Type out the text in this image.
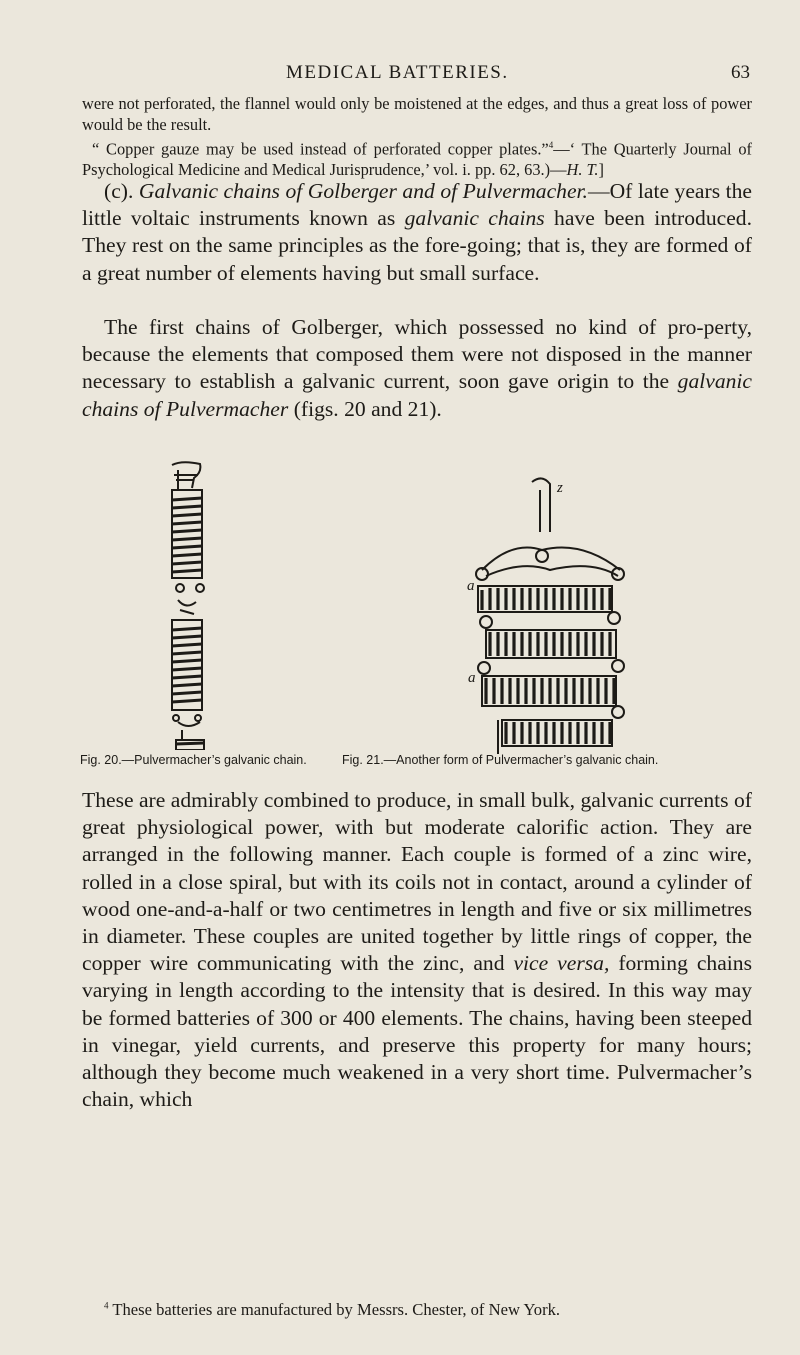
MEDICAL BATTERIES.	63

were not perforated, the flannel would only be moistened at the edges, and thus a great loss of power would be the result.

“ Copper gauze may be used instead of perforated copper plates.”$^4$—‘ The Quarterly Journal of Psychological Medicine and Medical Jurisprudence,’ vol. i. pp. 62, 63.)—H. T.]

(c). Galvanic chains of Golberger and of Pulvermacher.—Of late years the little voltaic instruments known as galvanic chains have been introduced. They rest on the same principles as the fore-going; that is, they are formed of a great number of elements having but small surface.

The first chains of Golberger, which possessed no kind of pro-perty, because the elements that composed them were not disposed in the manner necessary to establish a galvanic current, soon gave origin to the galvanic chains of Pulvermacher (figs. 20 and 21).

z
a
a
Fig. 20.—Pulvermacher’s galvanic chain.	Fig. 21.—Another form of Pulvermacher’s galvanic chain.

These are admirably combined to produce, in small bulk, galvanic currents of great physiological power, with but moderate calorific action. They are arranged in the following manner. Each couple is formed of a zinc wire, rolled in a close spiral, but with its coils not in contact, around a cylinder of wood one-and-a-half or two centimetres in length and five or six millimetres in diameter. These couples are united together by little rings of copper, the copper wire communicating with the zinc, and vice versa, forming chains varying in length according to the intensity that is desired. In this way may be formed batteries of 300 or 400 elements. The chains, having been steeped in vinegar, yield currents, and preserve this property for many hours; although they become much weakened in a very short time. Pulvermacher’s chain, which

$^4$ These batteries are manufactured by Messrs. Chester, of New York.
